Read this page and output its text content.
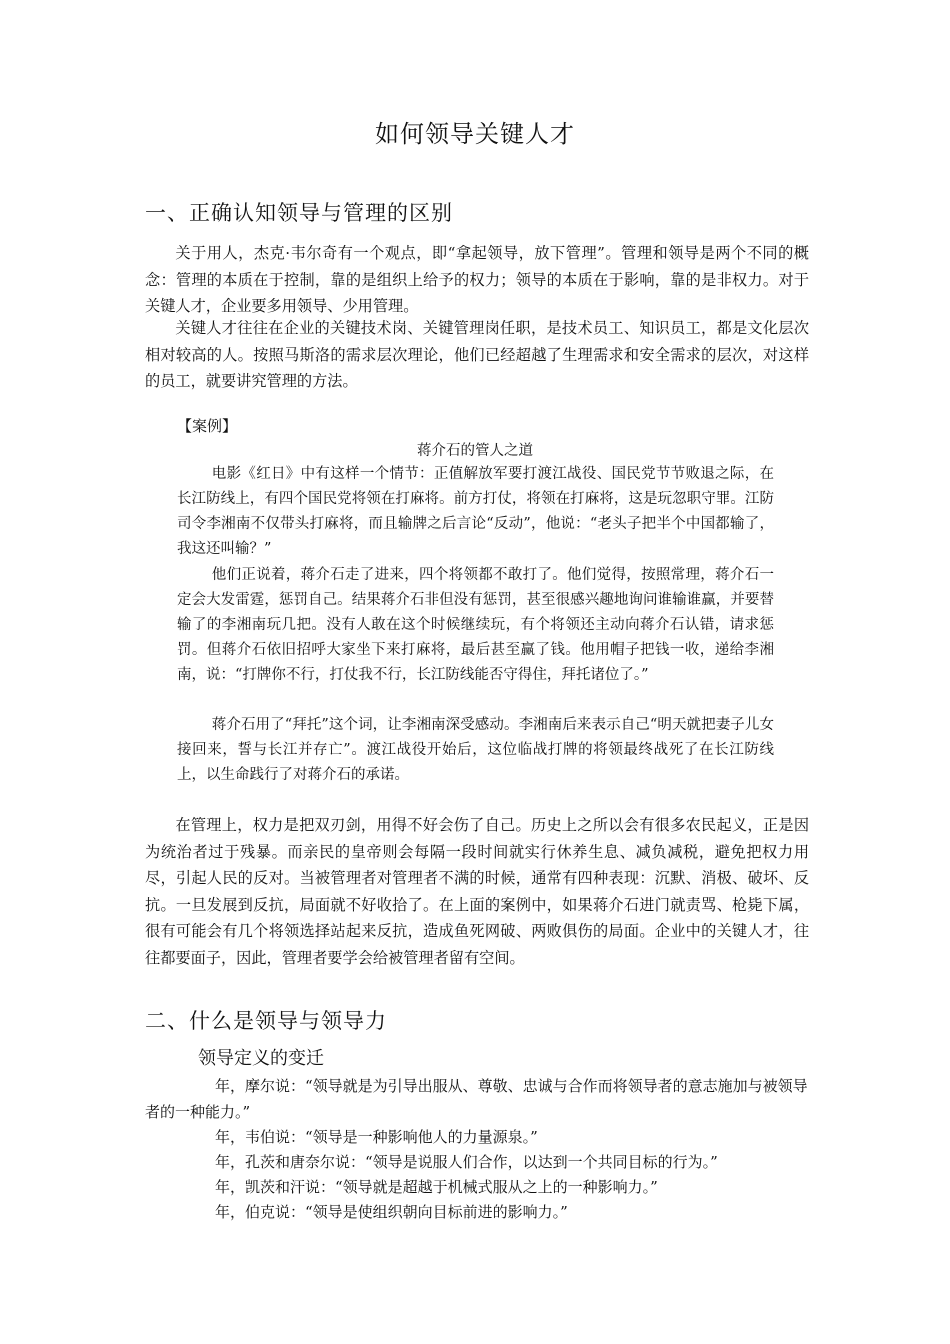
如何领导关键人才
一、正确认知领导与管理的区别

关于用人，杰克·韦尔奇有一个观点，即“拿起领导，放下管理”。管理和领导是两个不同的概念：管理的本质在于控制，靠的是组织上给予的权力；领导的本质在于影响，靠的是非权力。对于关键人才，企业要多用领导、少用管理。

关键人才往往在企业的关键技术岗、关键管理岗任职，是技术员工、知识员工，都是文化层次相对较高的人。按照马斯洛的需求层次理论，他们已经超越了生理需求和安全需求的层次，对这样的员工，就要讲究管理的方法。

【案例】
蒋介石的管人之道

电影《红日》中有这样一个情节：正值解放军要打渡江战役、国民党节节败退之际，在长江防线上，有四个国民党将领在打麻将。前方打仗，将领在打麻将，这是玩忽职守罪。江防司令李湘南不仅带头打麻将，而且输牌之后言论“反动”，他说：“老头子把半个中国都输了，我这还叫输？”

他们正说着，蒋介石走了进来，四个将领都不敢打了。他们觉得，按照常理，蒋介石一定会大发雷霆，惩罚自己。结果蒋介石非但没有惩罚，甚至很感兴趣地询问谁输谁赢，并要替输了的李湘南玩几把。没有人敢在这个时候继续玩，有个将领还主动向蒋介石认错，请求惩罚。但蒋介石依旧招呼大家坐下来打麻将，最后甚至赢了钱。他用帽子把钱一收，递给李湘南，说：“打牌你不行，打仗我不行，长江防线能否守得住，拜托诸位了。”

蒋介石用了“拜托”这个词，让李湘南深受感动。李湘南后来表示自己“明天就把妻子儿女接回来，誓与长江并存亡”。渡江战役开始后，这位临战打牌的将领最终战死了在长江防线上，以生命践行了对蒋介石的承诺。

在管理上，权力是把双刃剑，用得不好会伤了自己。历史上之所以会有很多农民起义，正是因为统治者过于残暴。而亲民的皇帝则会每隔一段时间就实行休养生息、减负减税，避免把权力用尽，引起人民的反对。当被管理者对管理者不满的时候，通常有四种表现：沉默、消极、破坏、反抗。一旦发展到反抗，局面就不好收拾了。在上面的案例中，如果蒋介石进门就责骂、枪毙下属，很有可能会有几个将领选择站起来反抗，造成鱼死网破、两败俱伤的局面。企业中的关键人才，往往都要面子，因此，管理者要学会给被管理者留有空间。

二、什么是领导与领导力
领导定义的变迁

年，摩尔说：“领导就是为引导出服从、尊敬、忠诚与合作而将领导者的意志施加与被领导者的一种能力。”

年，韦伯说：“领导是一种影响他人的力量源泉。”

年，孔茨和唐奈尔说：“领导是说服人们合作，以达到一个共同目标的行为。”

年，凯茨和汗说：“领导就是超越于机械式服从之上的一种影响力。”

年，伯克说：“领导是使组织朝向目标前进的影响力。”
